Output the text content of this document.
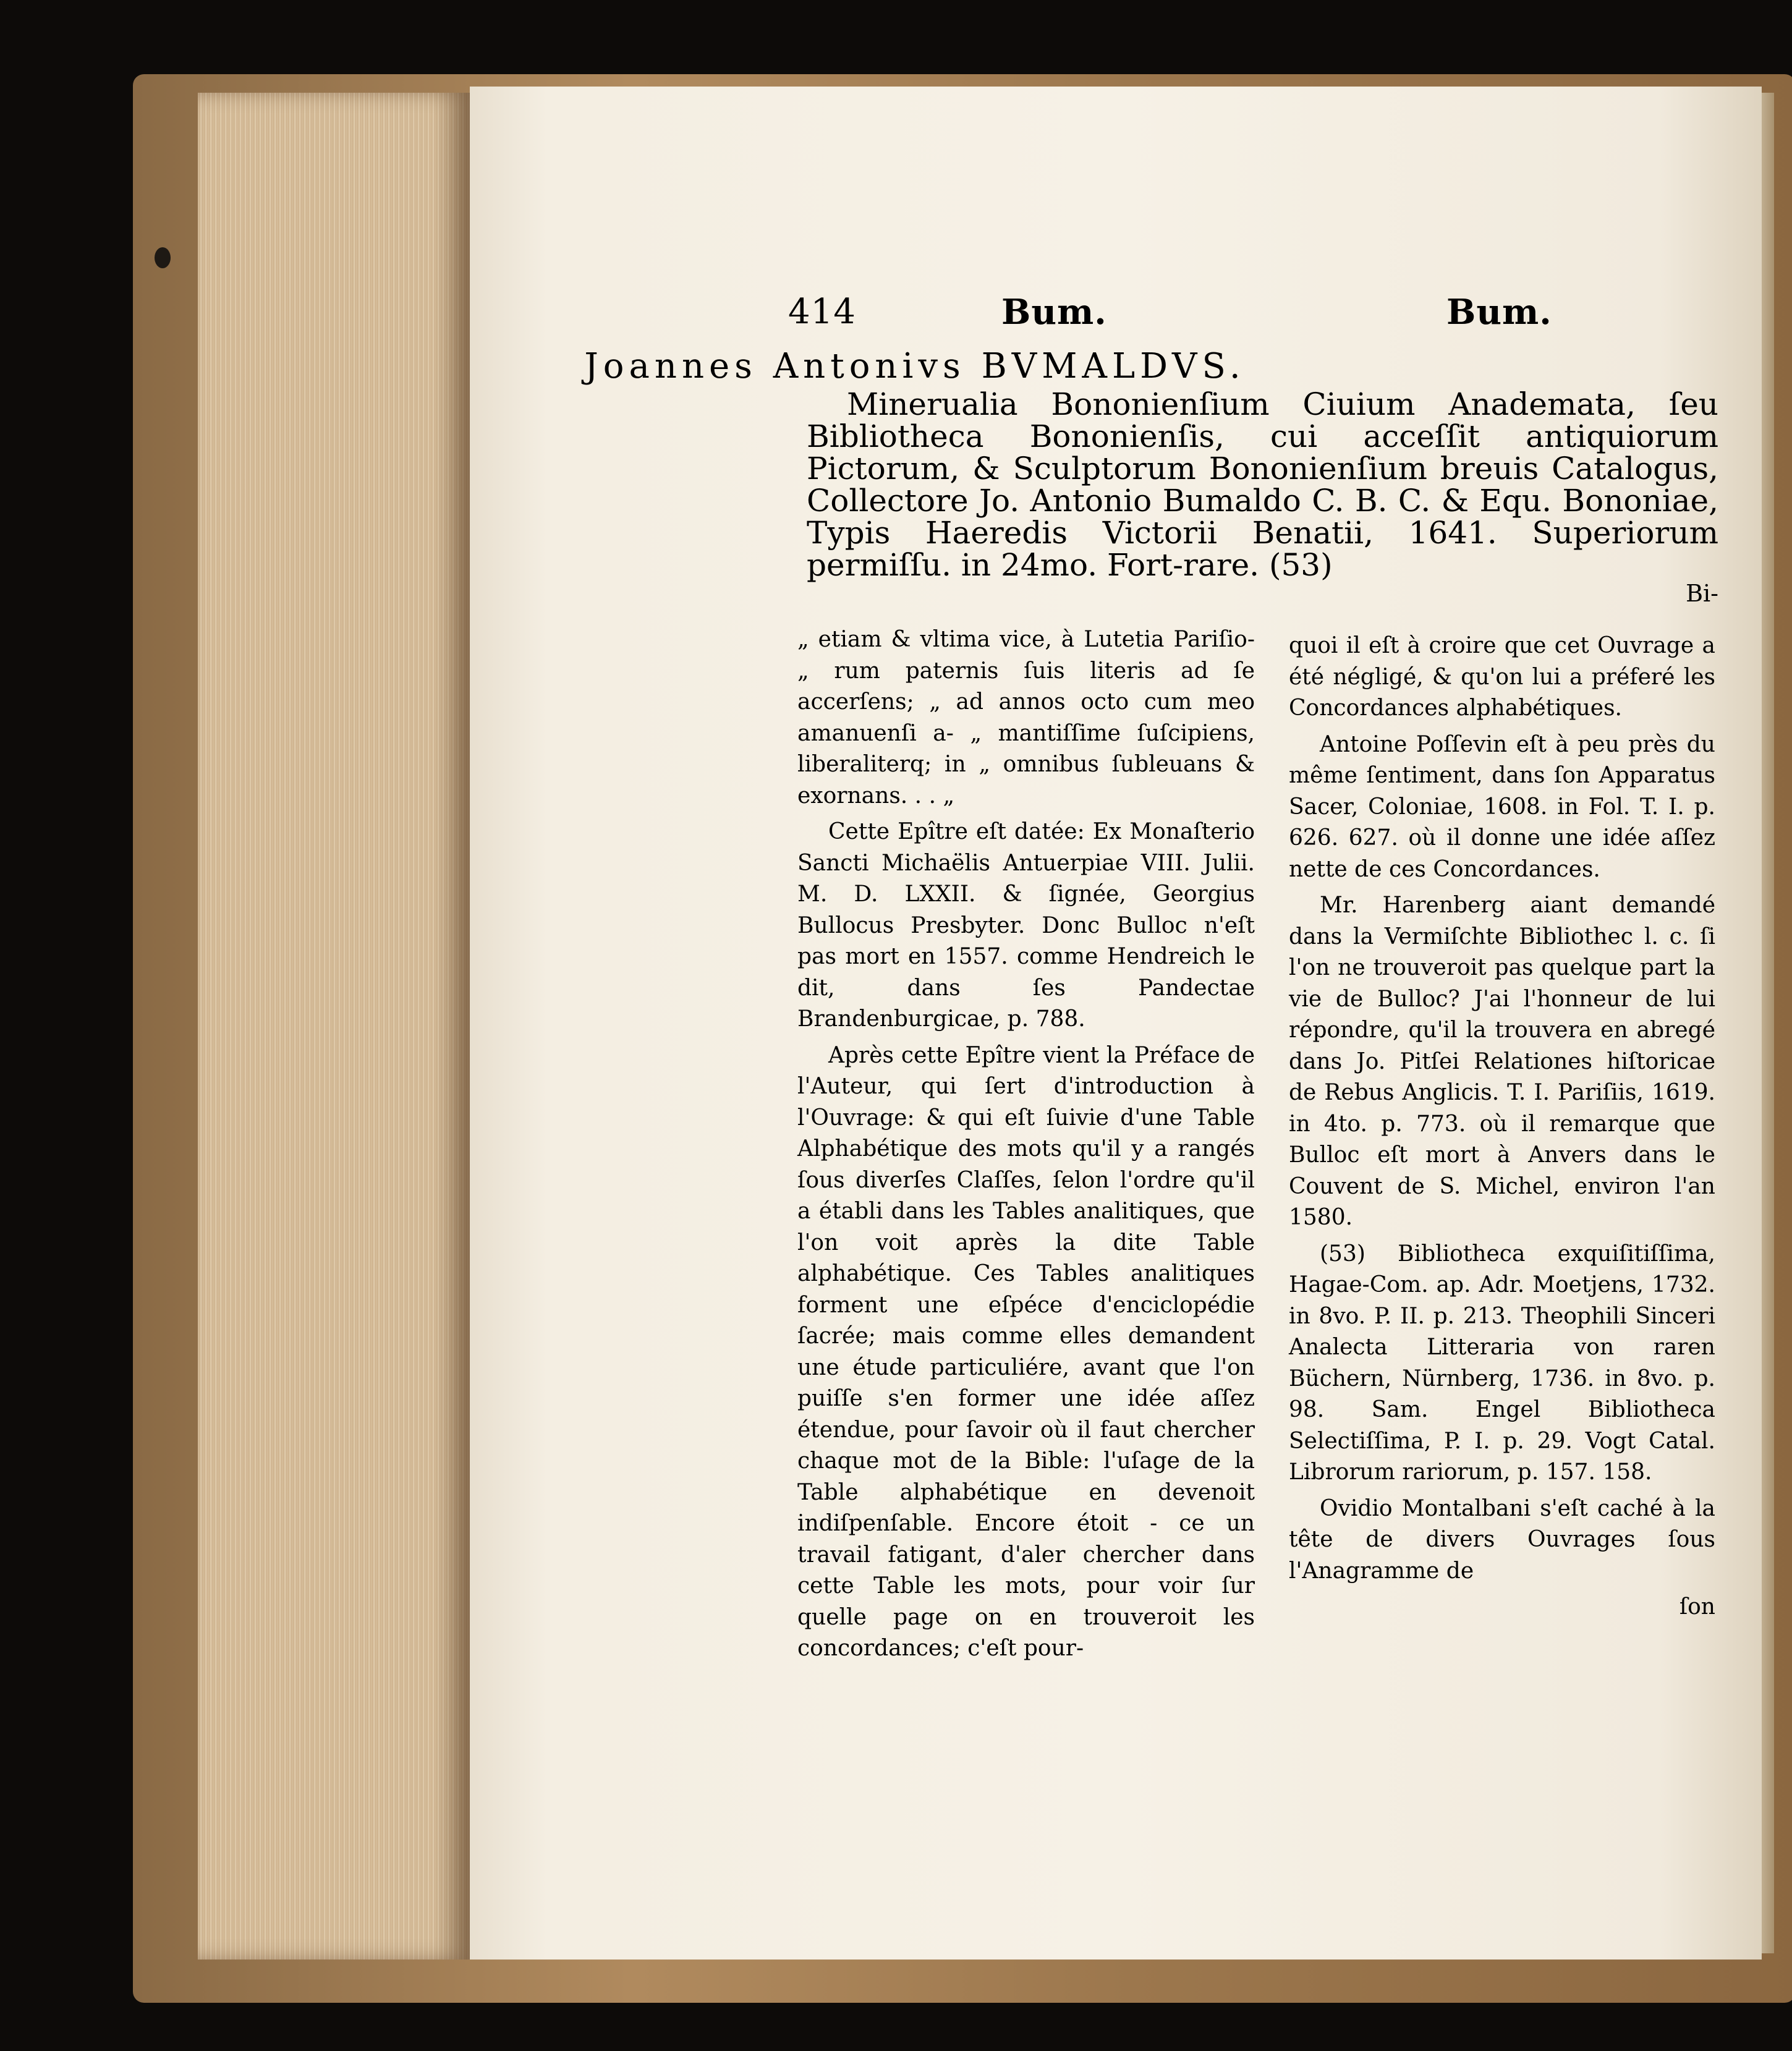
414	Bum.	Bum.
Joannes Antonivs BVMALDVS.

Minerualia Bononienſium Ciuium Anademata, ſeu Bibliotheca Bononienſis, cui acceſſit antiquiorum Pictorum, & Sculptorum Bononienſium breuis Catalogus, Collectore Jo. Antonio Bumaldo C. B. C. & Equ. Bononiae, Typis Haeredis Victorii Benatii, 1641. Superiorum permiſſu. in 24mo. Fort-rare. (53)

Bi-

„ etiam & vltima vice, à Lutetia Pariſio- „ rum paternis ſuis literis ad ſe accerſens; „ ad annos octo cum meo amanuenſi a- „ mantiſſime ſuſcipiens, liberaliterq; in „ omnibus ſubleuans & exornans. . . „

Cette Epître eſt datée: Ex Monaſterio Sancti Michaëlis Antuerpiae VIII. Julii. M. D. LXXII. & ſignée, Georgius Bullocus Presbyter. Donc Bulloc n'eſt pas mort en 1557. comme Hendreich le dit, dans ſes Pandectae Brandenburgicae, p. 788.

Après cette Epître vient la Préface de l'Auteur, qui ſert d'introduction à l'Ouvrage: & qui eſt ſuivie d'une Table Alphabétique des mots qu'il y a rangés ſous diverſes Claſſes, ſelon l'ordre qu'il a établi dans les Tables analitiques, que l'on voit après la dite Table alphabétique. Ces Tables analitiques forment une eſpéce d'enciclopédie ſacrée; mais comme elles demandent une étude particuliére, avant que l'on puiſſe s'en former une idée aſſez étendue, pour ſavoir où il faut chercher chaque mot de la Bible: l'uſage de la Table alphabétique en devenoit indiſpenſable. Encore étoit - ce un travail fatigant, d'aler chercher dans cette Table les mots, pour voir ſur quelle page on en trouveroit les concordances; c'eſt pour-

quoi il eſt à croire que cet Ouvrage a été négligé, & qu'on lui a préferé les Concordances alphabétiques.

Antoine Poſſevin eſt à peu près du même ſentiment, dans ſon Apparatus Sacer, Coloniae, 1608. in Fol. T. I. p. 626. 627. où il donne une idée aſſez nette de ces Concordances.

Mr. Harenberg aiant demandé dans la Vermiſchte Bibliothec l. c. ſi l'on ne trouveroit pas quelque part la vie de Bulloc? J'ai l'honneur de lui répondre, qu'il la trouvera en abregé dans Jo. Pitſei Relationes hiſtoricae de Rebus Anglicis. T. I. Pariſiis, 1619. in 4to. p. 773. où il remarque que Bulloc eſt mort à Anvers dans le Couvent de S. Michel, environ l'an 1580.

(53) Bibliotheca exquiſitiſſima, Hagae-Com. ap. Adr. Moetjens, 1732. in 8vo. P. II. p. 213. Theophili Sinceri Analecta Litteraria von raren Büchern, Nürnberg, 1736. in 8vo. p. 98. Sam. Engel Bibliotheca Selectiſſima, P. I. p. 29. Vogt Catal. Librorum rariorum, p. 157. 158.

Ovidio Montalbani s'eſt caché à la tête de divers Ouvrages ſous l'Anagramme de

ſon
